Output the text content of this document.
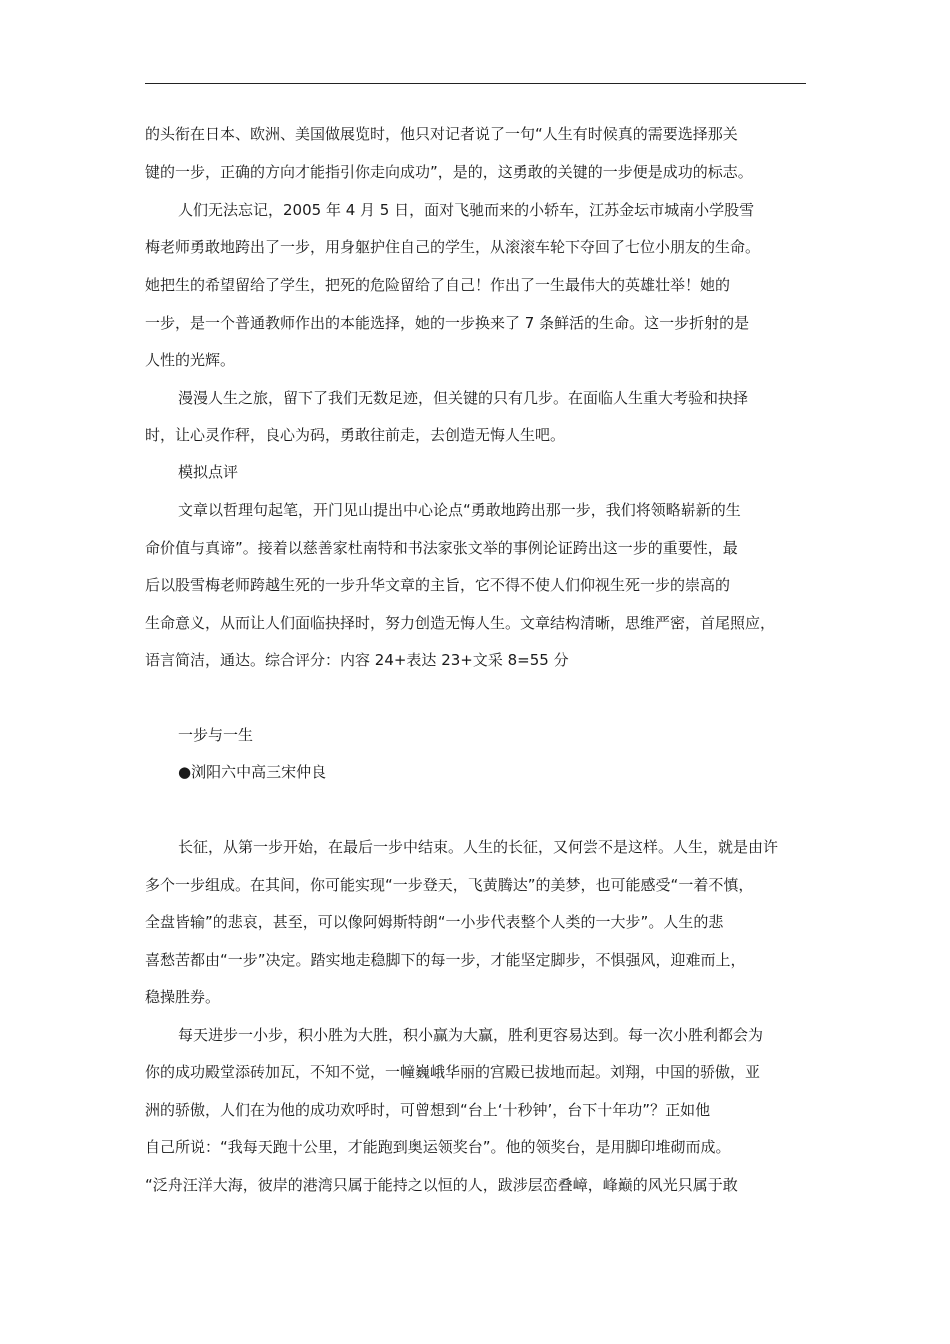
的头衔在日本、欧洲、美国做展览时，他只对记者说了一句“人生有时候真的需要选择那关
键的一步，正确的方向才能指引你走向成功”，是的，这勇敢的关键的一步便是成功的标志。
人们无法忘记，2005 年 4 月 5 日，面对飞驰而来的小轿车，江苏金坛市城南小学股雪
梅老师勇敢地跨出了一步，用身躯护住自己的学生，从滚滚车轮下夺回了七位小朋友的生命。
她把生的希望留给了学生，把死的危险留给了自己！作出了一生最伟大的英雄壮举！她的
一步，是一个普通教师作出的本能选择，她的一步换来了 7 条鲜活的生命。这一步折射的是
人性的光辉。
漫漫人生之旅，留下了我们无数足迹，但关键的只有几步。在面临人生重大考验和抉择
时，让心灵作秤，良心为码，勇敢往前走，去创造无悔人生吧。
模拟点评
文章以哲理句起笔，开门见山提出中心论点“勇敢地跨出那一步，我们将领略崭新的生
命价值与真谛”。接着以慈善家杜南特和书法家张文举的事例论证跨出这一步的重要性，最
后以股雪梅老师跨越生死的一步升华文章的主旨，它不得不使人们仰视生死一步的崇高的
生命意义，从而让人们面临抉择时，努力创造无悔人生。文章结构清晰，思维严密，首尾照应，
语言简洁，通达。综合评分：内容 24+表达 23+文采 8=55 分
一步与一生
●浏阳六中高三宋仲良
长征，从第一步开始，在最后一步中结束。人生的长征，又何尝不是这样。人生，就是由许
多个一步组成。在其间，你可能实现“一步登天，飞黄腾达”的美梦，也可能感受“一着不慎，
全盘皆输”的悲哀，甚至，可以像阿姆斯特朗“一小步代表整个人类的一大步”。人生的悲
喜愁苦都由“一步”决定。踏实地走稳脚下的每一步，才能坚定脚步，不惧强风，迎难而上，
稳操胜券。
每天进步一小步，积小胜为大胜，积小赢为大赢，胜利更容易达到。每一次小胜利都会为
你的成功殿堂添砖加瓦，不知不觉，一幢巍峨华丽的宫殿已拔地而起。刘翔，中国的骄傲，亚
洲的骄傲，人们在为他的成功欢呼时，可曾想到“台上‘十秒钟’，台下十年功”？正如他
自己所说：“我每天跑十公里，才能跑到奥运领奖台”。他的领奖台，是用脚印堆砌而成。
“泛舟汪洋大海，彼岸的港湾只属于能持之以恒的人，跋涉层峦叠嶂，峰巅的风光只属于敢
